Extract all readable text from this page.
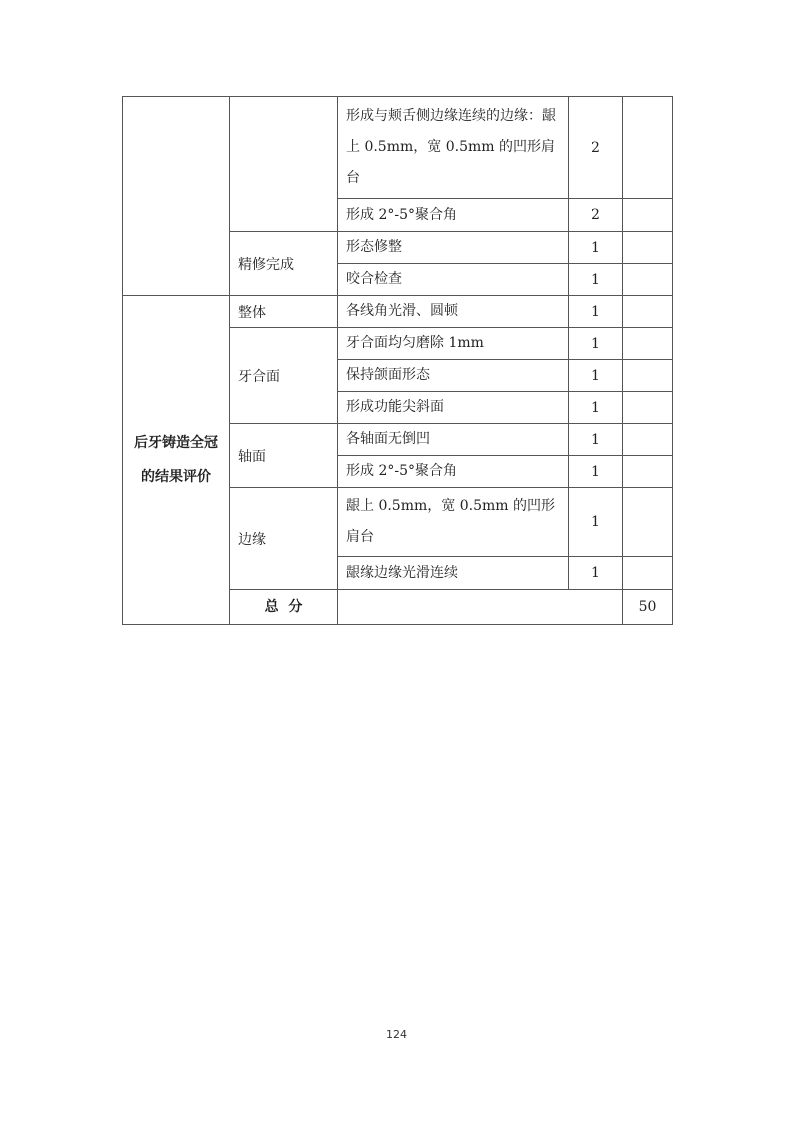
		形成与颊舌侧边缘连续的边缘：龈上 0.5mm，宽 0.5mm 的凹形肩台	2		
		形成 2°-5°聚合角	2		
	精修完成	形态修整	1		
		咬合检查	1		
后牙铸造全冠的结果评价	整体	各线角光滑、圆顿	1		
	牙合面	牙合面均匀磨除 1mm	1		
		保持颌面形态	1		
		形成功能尖斜面	1		
	轴面	各轴面无倒凹	1		
		形成 2°-5°聚合角	1		
	边缘	龈上 0.5mm，宽 0.5mm 的凹形肩台	1		
		龈缘边缘光滑连续	1		
	总  分			50	
124
